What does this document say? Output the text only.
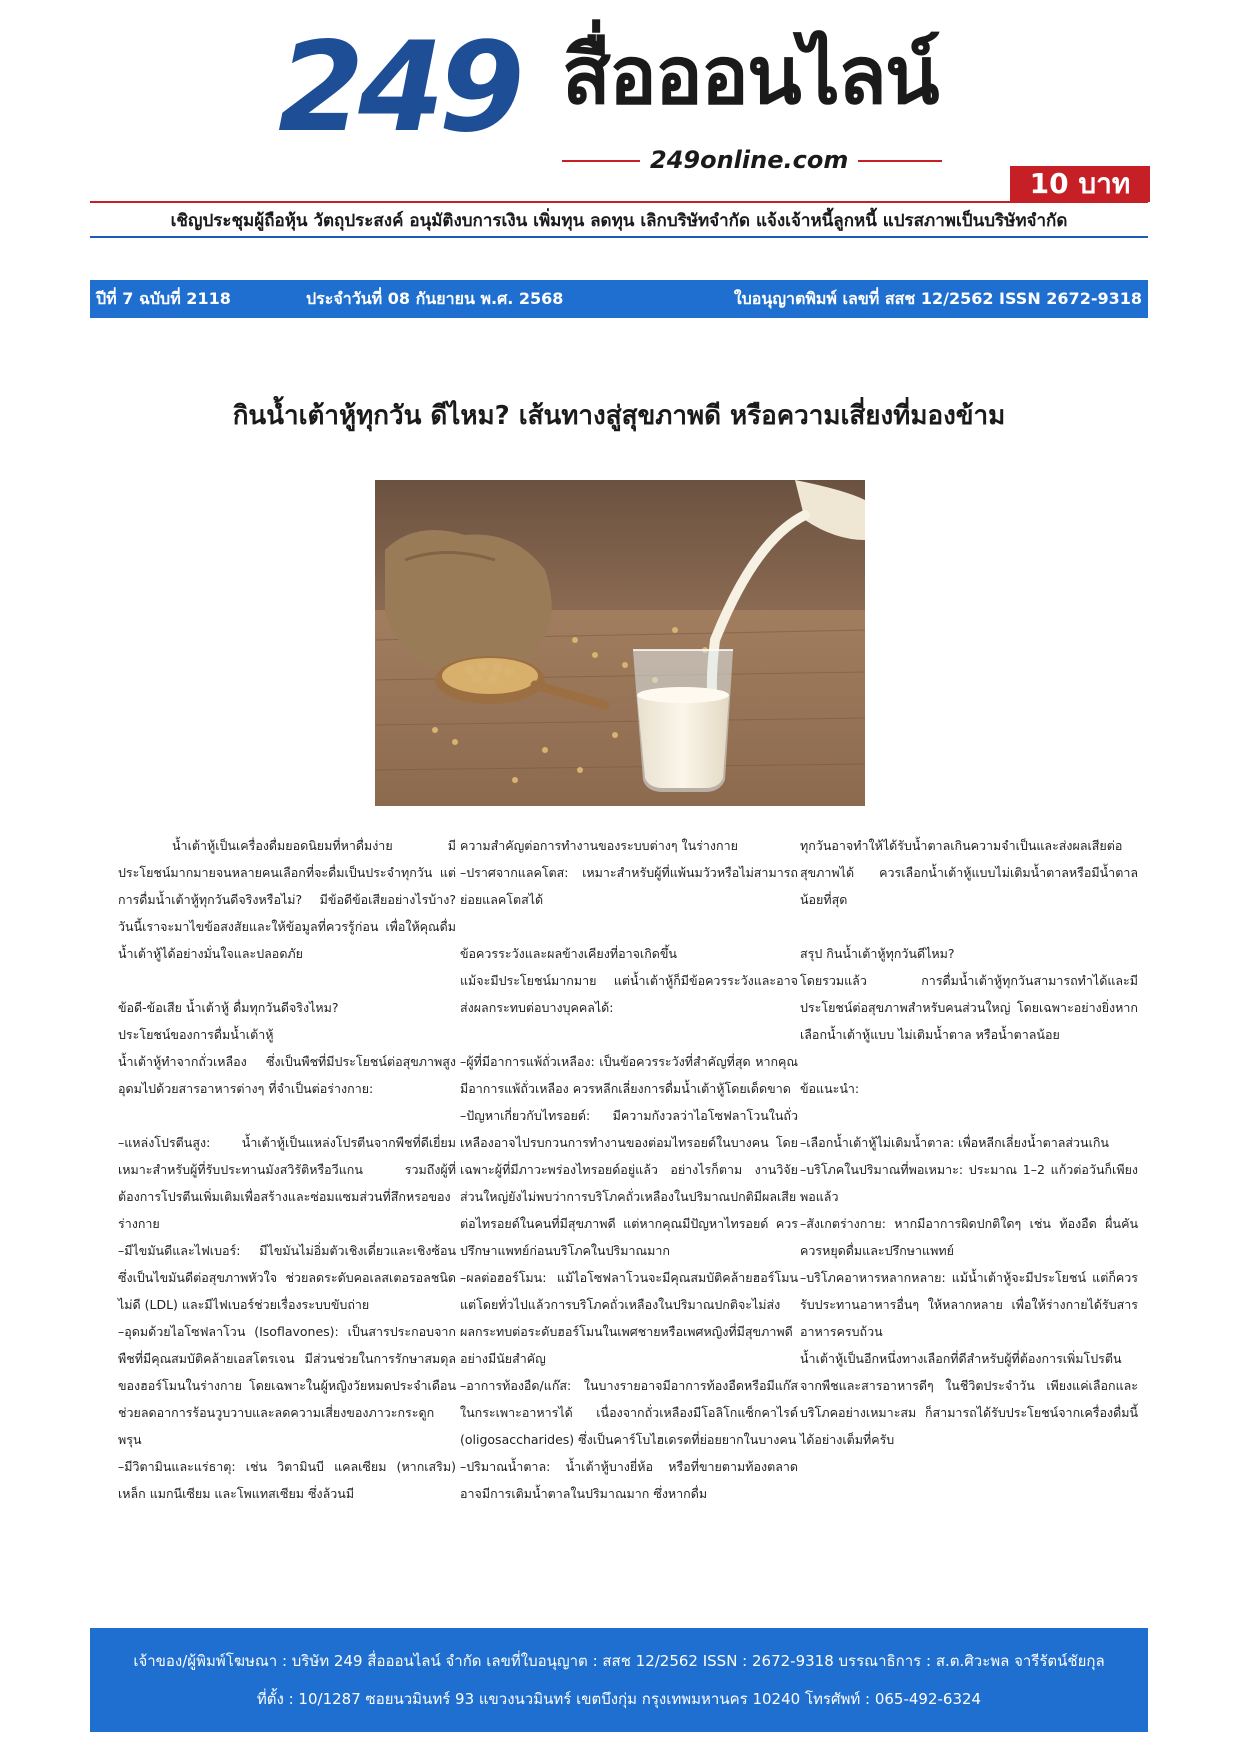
249 สื่อออนไลน์
249online.com
10 บาท
เชิญประชุมผู้ถือหุ้น วัตถุประสงค์ อนุมัติงบการเงิน เพิ่มทุน ลดทุน เลิกบริษัทจำกัด แจ้งเจ้าหนี้ลูกหนี้ แปรสภาพเป็นบริษัทจำกัด
ปีที่ 7 ฉบับที่ 2118	ประจำวันที่ 08 กันยายน พ.ศ. 2568	ใบอนุญาตพิมพ์ เลขที่ สสช 12/2562 ISSN 2672-9318
กินน้ำเต้าหู้ทุกวัน ดีไหม? เส้นทางสู่สุขภาพดี หรือความเสี่ยงที่มองข้าม

น้ำเต้าหู้เป็นเครื่องดื่มยอดนิยมที่หาดื่มง่าย มีประโยชน์มากมายจนหลายคนเลือกที่จะดื่มเป็นประจำทุกวัน แต่การดื่มน้ำเต้าหู้ทุกวันดีจริงหรือไม่? มีข้อดีข้อเสียอย่างไรบ้าง? วันนี้เราจะมาไขข้อสงสัยและให้ข้อมูลที่ควรรู้ก่อน เพื่อให้คุณดื่มน้ำเต้าหู้ได้อย่างมั่นใจและปลอดภัย

ข้อดี-ข้อเสีย น้ำเต้าหู้ ดื่มทุกวันดีจริงไหม?

ประโยชน์ของการดื่มน้ำเต้าหู้

น้ำเต้าหู้ทำจากถั่วเหลือง ซึ่งเป็นพืชที่มีประโยชน์ต่อสุขภาพสูง อุดมไปด้วยสารอาหารต่างๆ ที่จำเป็นต่อร่างกาย:

–แหล่งโปรตีนสูง: น้ำเต้าหู้เป็นแหล่งโปรตีนจากพืชที่ดีเยี่ยม เหมาะสำหรับผู้ที่รับประทานมังสวิรัติหรือวีแกน รวมถึงผู้ที่ต้องการโปรตีนเพิ่มเติมเพื่อสร้างและซ่อมแซมส่วนที่สึกหรอของร่างกาย

–มีไขมันดีและไฟเบอร์: มีไขมันไม่อิ่มตัวเชิงเดี่ยวและเชิงซ้อน ซึ่งเป็นไขมันดีต่อสุขภาพหัวใจ ช่วยลดระดับคอเลสเตอรอลชนิดไม่ดี (LDL) และมีไฟเบอร์ช่วยเรื่องระบบขับถ่าย

–อุดมด้วยไอโซฟลาโวน (Isoflavones): เป็นสารประกอบจากพืชที่มีคุณสมบัติคล้ายเอสโตรเจน มีส่วนช่วยในการรักษาสมดุลของฮอร์โมนในร่างกาย โดยเฉพาะในผู้หญิงวัยหมดประจำเดือน ช่วยลดอาการร้อนวูบวาบและลดความเสี่ยงของภาวะกระดูกพรุน

–มีวิตามินและแร่ธาตุ: เช่น วิตามินบี แคลเซียม (หากเสริม) เหล็ก แมกนีเซียม และโพแทสเซียม ซึ่งล้วนมี

ความสำคัญต่อการทำงานของระบบต่างๆ ในร่างกาย

–ปราศจากแลคโตส: เหมาะสำหรับผู้ที่แพ้นมวัวหรือไม่สามารถย่อยแลคโตสได้

ข้อควรระวังและผลข้างเคียงที่อาจเกิดขึ้น

แม้จะมีประโยชน์มากมาย แต่น้ำเต้าหู้ก็มีข้อควรระวังและอาจส่งผลกระทบต่อบางบุคคลได้:

–ผู้ที่มีอาการแพ้ถั่วเหลือง: เป็นข้อควรระวังที่สำคัญที่สุด หากคุณมีอาการแพ้ถั่วเหลือง ควรหลีกเลี่ยงการดื่มน้ำเต้าหู้โดยเด็ดขาด

–ปัญหาเกี่ยวกับไทรอยด์: มีความกังวลว่าไอโซฟลาโวนในถั่วเหลืองอาจไปรบกวนการทำงานของต่อมไทรอยด์ในบางคน โดยเฉพาะผู้ที่มีภาวะพร่องไทรอยด์อยู่แล้ว อย่างไรก็ตาม งานวิจัยส่วนใหญ่ยังไม่พบว่าการบริโภคถั่วเหลืองในปริมาณปกติมีผลเสียต่อไทรอยด์ในคนที่มีสุขภาพดี แต่หากคุณมีปัญหาไทรอยด์ ควรปรึกษาแพทย์ก่อนบริโภคในปริมาณมาก

–ผลต่อฮอร์โมน: แม้ไอโซฟลาโวนจะมีคุณสมบัติคล้ายฮอร์โมน แต่โดยทั่วไปแล้วการบริโภคถั่วเหลืองในปริมาณปกติจะไม่ส่งผลกระทบต่อระดับฮอร์โมนในเพศชายหรือเพศหญิงที่มีสุขภาพดีอย่างมีนัยสำคัญ

–อาการท้องอืด/แก๊ส: ในบางรายอาจมีอาการท้องอืดหรือมีแก๊สในกระเพาะอาหารได้ เนื่องจากถั่วเหลืองมีโอลิโกแซ็กคาไรด์ (oligosaccharides) ซึ่งเป็นคาร์โบไฮเดรตที่ย่อยยากในบางคน

–ปริมาณน้ำตาล: น้ำเต้าหู้บางยี่ห้อ หรือที่ขายตามท้องตลาด อาจมีการเติมน้ำตาลในปริมาณมาก ซึ่งหากดื่ม

ทุกวันอาจทำให้ได้รับน้ำตาลเกินความจำเป็นและส่งผลเสียต่อสุขภาพได้ ควรเลือกน้ำเต้าหู้แบบไม่เติมน้ำตาลหรือมีน้ำตาลน้อยที่สุด

สรุป กินน้ำเต้าหู้ทุกวันดีไหม?

โดยรวมแล้ว การดื่มน้ำเต้าหู้ทุกวันสามารถทำได้และมีประโยชน์ต่อสุขภาพสำหรับคนส่วนใหญ่ โดยเฉพาะอย่างยิ่งหากเลือกน้ำเต้าหู้แบบ ไม่เติมน้ำตาล หรือน้ำตาลน้อย

ข้อแนะนำ:

–เลือกน้ำเต้าหู้ไม่เติมน้ำตาล: เพื่อหลีกเลี่ยงน้ำตาลส่วนเกิน

–บริโภคในปริมาณที่พอเหมาะ: ประมาณ 1–2 แก้วต่อวันก็เพียงพอแล้ว

–สังเกตร่างกาย: หากมีอาการผิดปกติใดๆ เช่น ท้องอืด ผื่นคัน ควรหยุดดื่มและปรึกษาแพทย์

–บริโภคอาหารหลากหลาย: แม้น้ำเต้าหู้จะมีประโยชน์ แต่ก็ควรรับประทานอาหารอื่นๆ ให้หลากหลาย เพื่อให้ร่างกายได้รับสารอาหารครบถ้วน

น้ำเต้าหู้เป็นอีกหนึ่งทางเลือกที่ดีสำหรับผู้ที่ต้องการเพิ่มโปรตีนจากพืชและสารอาหารดีๆ ในชีวิตประจำวัน เพียงแค่เลือกและบริโภคอย่างเหมาะสม ก็สามารถได้รับประโยชน์จากเครื่องดื่มนี้ได้อย่างเต็มที่ครับ

เจ้าของ/ผู้พิมพ์โฆษณา : บริษัท 249 สื่อออนไลน์ จำกัด เลขที่ใบอนุญาต : สสช 12/2562 ISSN : 2672-9318 บรรณาธิการ : ส.ต.ศิวะพล จารีรัตน์ชัยกุล
ที่ตั้ง : 10/1287 ซอยนวมินทร์ 93 แขวงนวมินทร์ เขตบึงกุ่ม กรุงเทพมหานคร 10240 โทรศัพท์ : 065-492-6324
